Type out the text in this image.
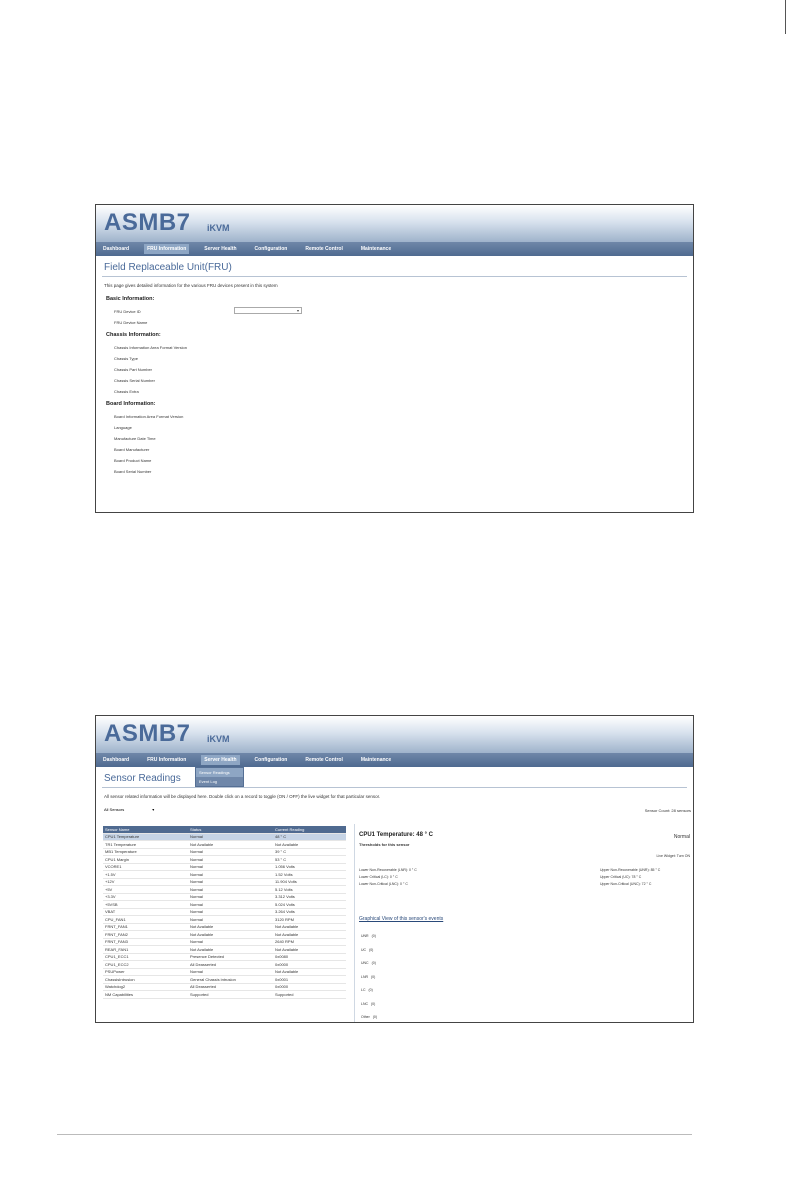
ASMB7 iKVM
Dashboard	FRU Information	Server Health	Configuration	Remote Control	Maintenance
Field Replaceable Unit(FRU)
This page gives detailed information for the various FRU devices present in this system
Basic Information:
FRU Device ID	▾
FRU Device Name
Chassis Information:
Chassis Information Area Format Version
Chassis Type
Chassis Part Number
Chassis Serial Number
Chassis Extra
Board Information:
Board Information Area Format Version
Language
Manufacture Date Time
Board Manufacturer
Board Product Name
Board Serial Number
ASMB7 iKVM
Dashboard	FRU Information	Server Health	Configuration	Remote Control	Maintenance
Sensor Readings
Event Log
Sensor Readings
All sensor related information will be displayed here. Double click on a record to toggle (ON / OFF) the live widget for that particular sensor.
All Sensors	▾	Sensor Count: 28 sensors
Sensor Name	Status	Current Reading
CPU1 Temperature	Normal	48 ° C
TR1 Temperature	Not Available	Not Available
MB1 Temperature	Normal	39 ° C
CPU1 Margin	Normal	53 ° C
VCORE1	Normal	1.056 Volts
+1.5V	Normal	1.52 Volts
+12V	Normal	11.904 Volts
+5V	Normal	5.12 Volts
+3.3V	Normal	3.312 Volts
+5VSB	Normal	5.024 Volts
VBAT	Normal	3.264 Volts
CPU_FAN1	Normal	3120 RPM
FRNT_FAN1	Not Available	Not Available
FRNT_FAN2	Not Available	Not Available
FRNT_FAN3	Normal	2640 RPM
REAR_FAN1	Not Available	Not Available
CPU1_ECC1	Presence Detected	0x0080
CPU1_ECC2	All Deasserted	0x0000
PSUPower	Normal	Not Available
ChassisIntrusion	General Chassis intrusion	0x0001
Watchdog2	All Deasserted	0x0000
NM Capabilities	Supported	Supported
CPU1 Temperature: 48 ° C	Normal
Thresholds for this sensor
Live Widget: Turn ON
Lower Non-Recoverable (LNR): 0 ° C
Lower Critical (LC): 0 ° C
Lower Non-Critical (LNC): 0 ° C
Upper Non-Recoverable (UNR): 85 ° C
Upper Critical (UC): 78 ° C
Upper Non-Critical (UNC): 72 ° C
Graphical View of this sensor's events
UNR (0)
UC (0)
UNC (0)
LNR (0)
LC (0)
LNC (0)
Other (0)
